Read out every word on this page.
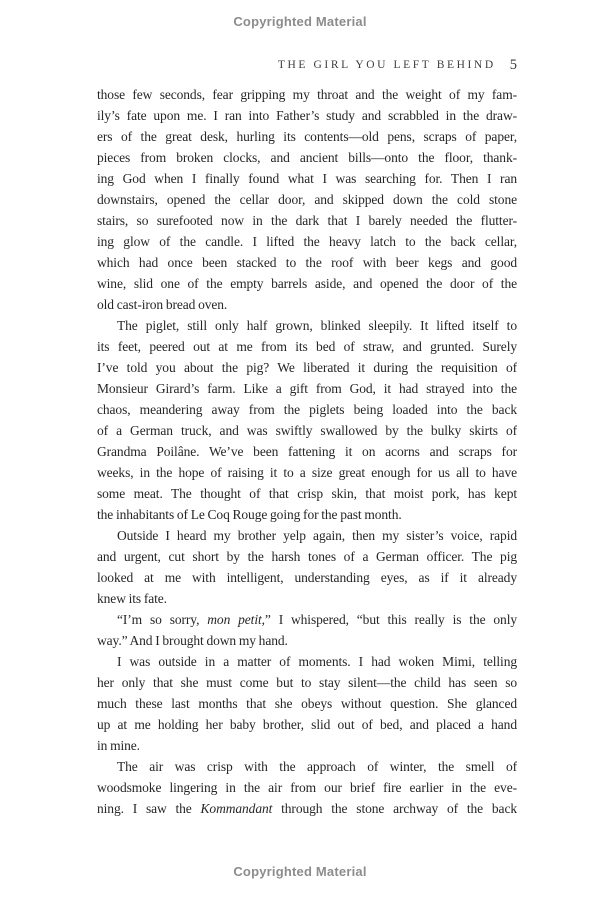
Copyrighted Material
THE GIRL YOU LEFT BEHIND 5
those few seconds, fear gripping my throat and the weight of my fam-
ily’s fate upon me. I ran into Father’s study and scrabbled in the draw-
ers of the great desk, hurling its contents—old pens, scraps of paper,
pieces from broken clocks, and ancient bills—onto the floor, thank-
ing God when I finally found what I was searching for. Then I ran
downstairs, opened the cellar door, and skipped down the cold stone
stairs, so surefooted now in the dark that I barely needed the flutter-
ing glow of the candle. I lifted the heavy latch to the back cellar,
which had once been stacked to the roof with beer kegs and good
wine, slid one of the empty barrels aside, and opened the door of the
old cast-iron bread oven.
The piglet, still only half grown, blinked sleepily. It lifted itself to
its feet, peered out at me from its bed of straw, and grunted. Surely
I’ve told you about the pig? We liberated it during the requisition of
Monsieur Girard’s farm. Like a gift from God, it had strayed into the
chaos, meandering away from the piglets being loaded into the back
of a German truck, and was swiftly swallowed by the bulky skirts of
Grandma Poilâne. We’ve been fattening it on acorns and scraps for
weeks, in the hope of raising it to a size great enough for us all to have
some meat. The thought of that crisp skin, that moist pork, has kept
the inhabitants of Le Coq Rouge going for the past month.
Outside I heard my brother yelp again, then my sister’s voice, rapid
and urgent, cut short by the harsh tones of a German officer. The pig
looked at me with intelligent, understanding eyes, as if it already
knew its fate.
“I’m so sorry, mon petit,” I whispered, “but this really is the only
way.” And I brought down my hand.
I was outside in a matter of moments. I had woken Mimi, telling
her only that she must come but to stay silent—the child has seen so
much these last months that she obeys without question. She glanced
up at me holding her baby brother, slid out of bed, and placed a hand
in mine.
The air was crisp with the approach of winter, the smell of
woodsmoke lingering in the air from our brief fire earlier in the eve-
ning. I saw the Kommandant through the stone archway of the back
Copyrighted Material
